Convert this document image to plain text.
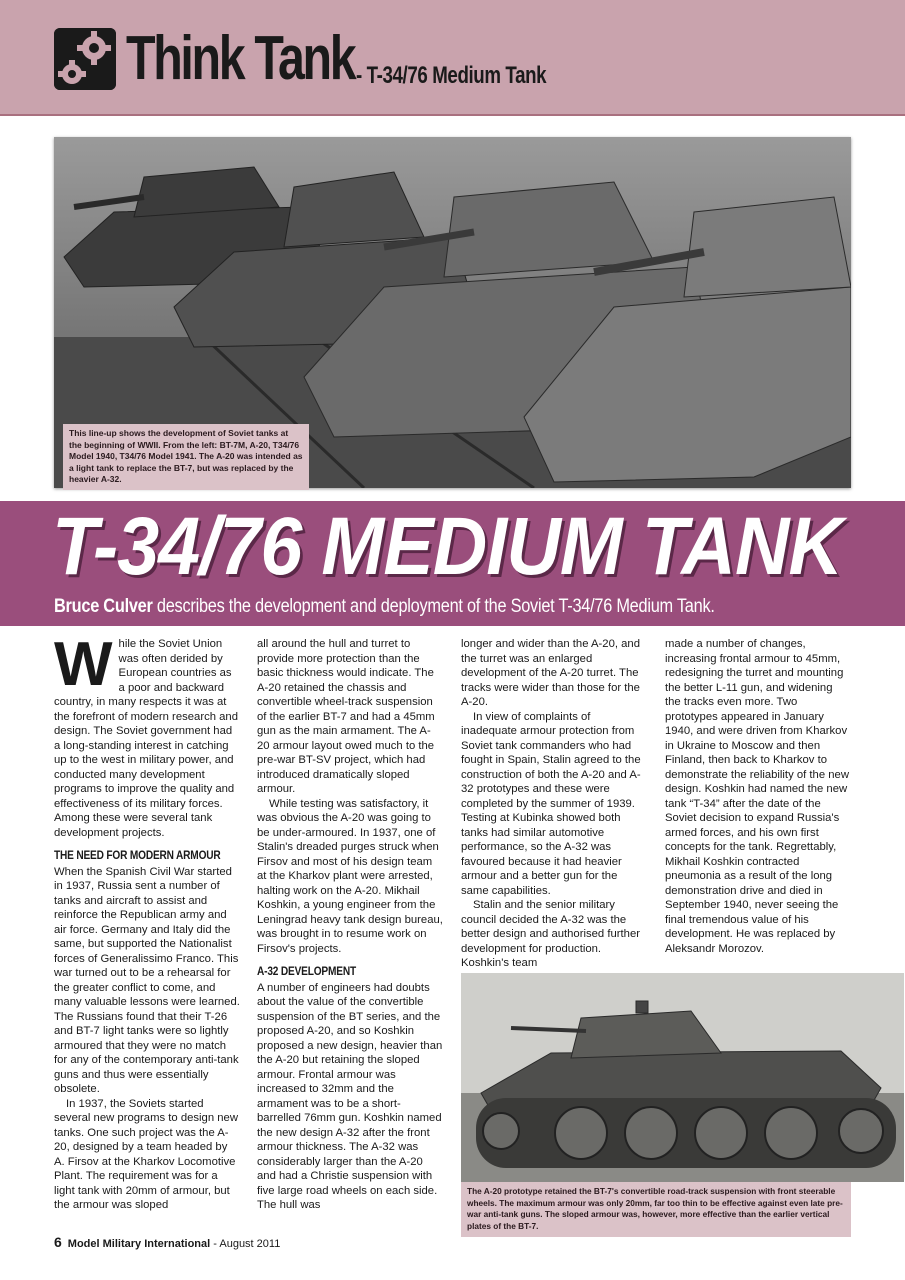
Think Tank - T-34/76 Medium Tank
This line-up shows the development of Soviet tanks at the beginning of WWII. From the left: BT-7M, A-20, T34/76 Model 1940, T34/76 Model 1941. The A-20 was intended as a light tank to replace the BT-7, but was replaced by the heavier A-32.
T-34/76 MEDIUM TANK
Bruce Culver describes the development and deployment of the Soviet T-34/76 Medium Tank.

While the Soviet Union was often derided by European countries as a poor and backward country, in many respects it was at the forefront of modern research and design. The Soviet government had a long-standing interest in catching up to the west in military power, and conducted many development programs to improve the quality and effectiveness of its military forces. Among these were several tank development projects.

THE NEED FOR MODERN ARMOUR

When the Spanish Civil War started in 1937, Russia sent a number of tanks and aircraft to assist and reinforce the Republican army and air force. Germany and Italy did the same, but supported the Nationalist forces of Generalissimo Franco. This war turned out to be a rehearsal for the greater conflict to come, and many valuable lessons were learned. The Russians found that their T-26 and BT-7 light tanks were so lightly armoured that they were no match for any of the contemporary anti-tank guns and thus were essentially obsolete.

In 1937, the Soviets started several new programs to design new tanks. One such project was the A-20, designed by a team headed by A. Firsov at the Kharkov Locomotive Plant. The requirement was for a light tank with 20mm of armour, but the armour was sloped

all around the hull and turret to provide more protection than the basic thickness would indicate. The A-20 retained the chassis and convertible wheel-track suspension of the earlier BT-7 and had a 45mm gun as the main armament. The A-20 armour layout owed much to the pre-war BT-SV project, which had introduced dramatically sloped armour.

While testing was satisfactory, it was obvious the A-20 was going to be under-armoured. In 1937, one of Stalin's dreaded purges struck when Firsov and most of his design team at the Kharkov plant were arrested, halting work on the A-20. Mikhail Koshkin, a young engineer from the Leningrad heavy tank design bureau, was brought in to resume work on Firsov's projects.

A-32 DEVELOPMENT

A number of engineers had doubts about the value of the convertible suspension of the BT series, and the proposed A-20, and so Koshkin proposed a new design, heavier than the A-20 but retaining the sloped armour. Frontal armour was increased to 32mm and the armament was to be a short-barrelled 76mm gun. Koshkin named the new design A-32 after the front armour thickness. The A-32 was considerably larger than the A-20 and had a Christie suspension with five large road wheels on each side. The hull was

longer and wider than the A-20, and the turret was an enlarged development of the A-20 turret. The tracks were wider than those for the A-20.

In view of complaints of inadequate armour protection from Soviet tank commanders who had fought in Spain, Stalin agreed to the construction of both the A-20 and A-32 prototypes and these were completed by the summer of 1939. Testing at Kubinka showed both tanks had similar automotive performance, so the A-32 was favoured because it had heavier armour and a better gun for the same capabilities.

Stalin and the senior military council decided the A-32 was the better design and authorised further development for production. Koshkin's team

made a number of changes, increasing frontal armour to 45mm, redesigning the turret and mounting the better L-11 gun, and widening the tracks even more. Two prototypes appeared in January 1940, and were driven from Kharkov in Ukraine to Moscow and then Finland, then back to Kharkov to demonstrate the reliability of the new design. Koshkin had named the new tank “T-34” after the date of the Soviet decision to expand Russia's armed forces, and his own first concepts for the tank. Regrettably, Mikhail Koshkin contracted pneumonia as a result of the long demonstration drive and died in September 1940, never seeing the final tremendous value of his development. He was replaced by Aleksandr Morozov.

The A-20 prototype retained the BT-7's convertible road-track suspension with front steerable wheels. The maximum armour was only 20mm, far too thin to be effective against even late pre-war anti-tank guns. The sloped armour was, however, more effective than the earlier vertical plates of the BT-7.
6 Model Military International - August 2011
